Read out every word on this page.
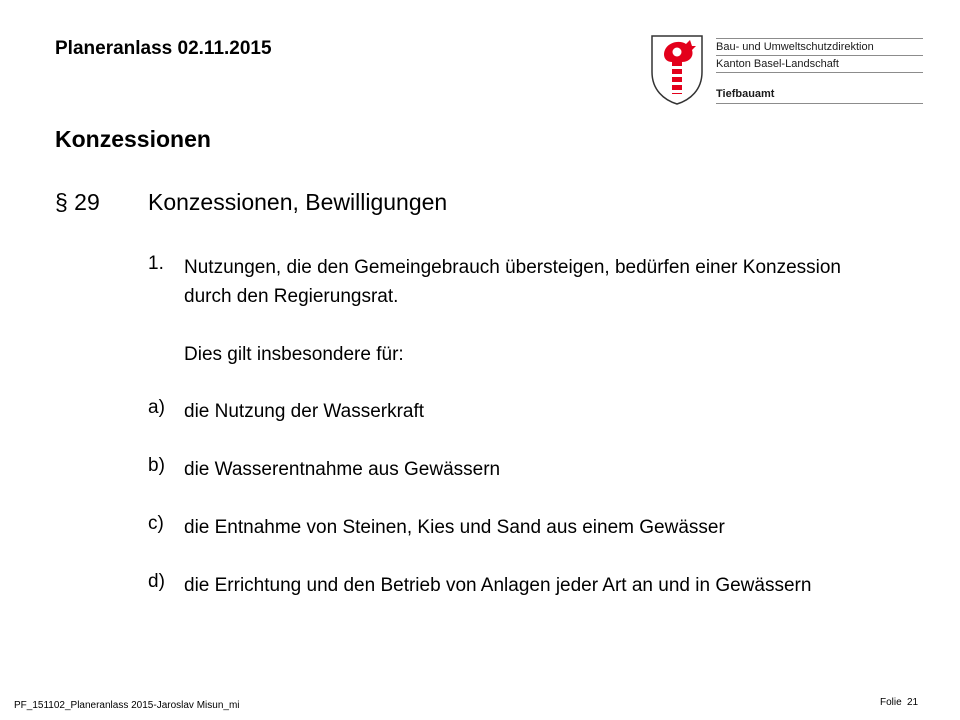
Planeranlass 02.11.2015	Bau- und Umweltschutzdirektion
Kanton Basel-Landschaft
Tiefbauamt
Konzessionen
§ 29 Konzessionen, Bewilligungen
1. Nutzungen, die den Gemeingebrauch übersteigen, bedürfen einer Konzession durch den Regierungsrat.
Dies gilt insbesondere für:
a) die Nutzung der Wasserkraft
b) die Wasserentnahme aus Gewässern
c) die Entnahme von Steinen, Kies und Sand aus einem Gewässer
d) die Errichtung und den Betrieb von Anlagen jeder Art an und in Gewässern
PF_151102_Planeranlass 2015-Jaroslav Misun_mi	Folie 21
